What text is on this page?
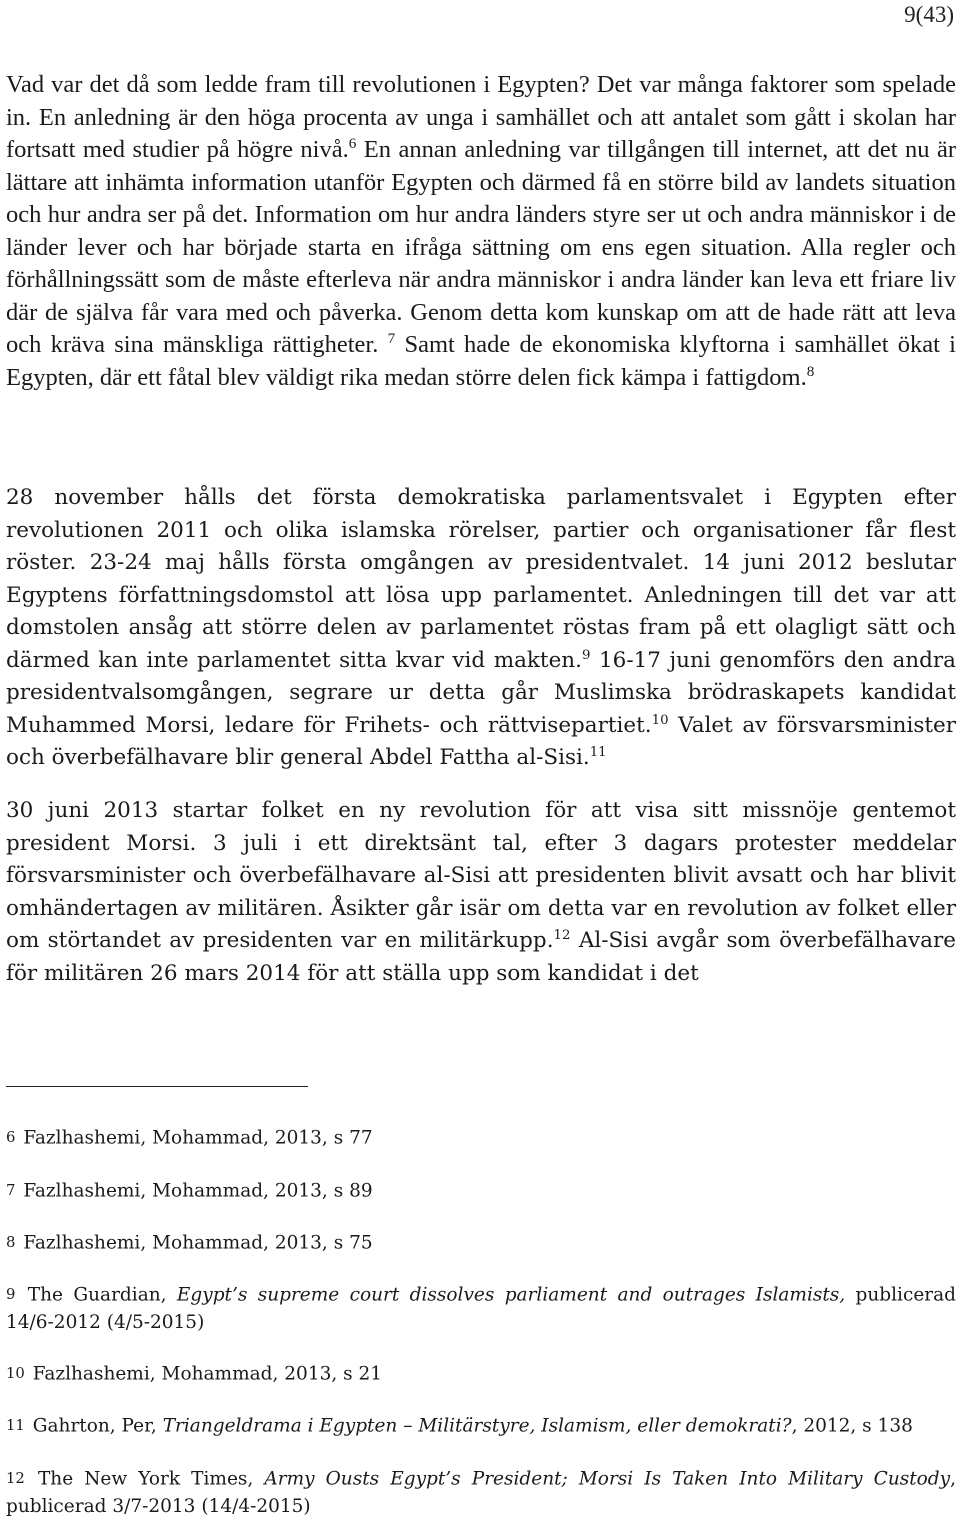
9(43)

Vad var det då som ledde fram till revolutionen i Egypten? Det var många faktorer som spelade in. En anledning är den höga procenta av unga i samhället och att antalet som gått i skolan har fortsatt med studier på högre nivå.$^6$ En annan anledning var tillgången till internet, att det nu är lättare att inhämta information utanför Egypten och därmed få en större bild av landets situation och hur andra ser på det. Information om hur andra länders styre ser ut och andra människor i de länder lever och har började starta en ifråga sättning om ens egen situation. Alla regler och förhållningssätt som de måste efterleva när andra människor i andra länder kan leva ett friare liv där de själva får vara med och påverka. Genom detta kom kunskap om att de hade rätt att leva och kräva sina mänskliga rättigheter. $^7$ Samt hade de ekonomiska klyftorna i samhället ökat i Egypten, där ett fåtal blev väldigt rika medan större delen fick kämpa i fattigdom.$^8$

28 november hålls det första demokratiska parlamentsvalet i Egypten efter revolutionen 2011 och olika islamska rörelser, partier och organisationer får flest röster. 23-24 maj hålls första omgången av presidentvalet. 14 juni 2012 beslutar Egyptens författningsdomstol att lösa upp parlamentet. Anledningen till det var att domstolen ansåg att större delen av parlamentet röstas fram på ett olagligt sätt och därmed kan inte parlamentet sitta kvar vid makten.$^9$ 16-17 juni genomförs den andra presidentvalsomgången, segrare ur detta går Muslimska brödraskapets kandidat Muhammed Morsi, ledare för Frihets- och rättvisepartiet.$^{10}$ Valet av försvarsminister och överbefälhavare blir general Abdel Fattha al-Sisi.$^{11}$

30 juni 2013 startar folket en ny revolution för att visa sitt missnöje gentemot president Morsi. 3 juli i ett direktsänt tal, efter 3 dagars protester meddelar försvarsminister och överbefälhavare al-Sisi att presidenten blivit avsatt och har blivit omhändertagen av militären. Åsikter går isär om detta var en revolution av folket eller om störtandet av presidenten var en militärkupp.$^{12}$ Al-Sisi avgår som överbefälhavare för militären 26 mars 2014 för att ställa upp som kandidat i det

6 Fazlhashemi, Mohammad, 2013, s 77

7 Fazlhashemi, Mohammad, 2013, s 89

8 Fazlhashemi, Mohammad, 2013, s 75

9 The Guardian, Egypt’s supreme court dissolves parliament and outrages Islamists, publicerad 14/6-2012 (4/5-2015)

10 Fazlhashemi, Mohammad, 2013, s 21

11 Gahrton, Per, Triangeldrama i Egypten – Militärstyre, Islamism, eller demokrati?, 2012, s 138

12 The New York Times, Army Ousts Egypt’s President; Morsi Is Taken Into Military Custody, publicerad 3/7-2013 (14/4-2015)
